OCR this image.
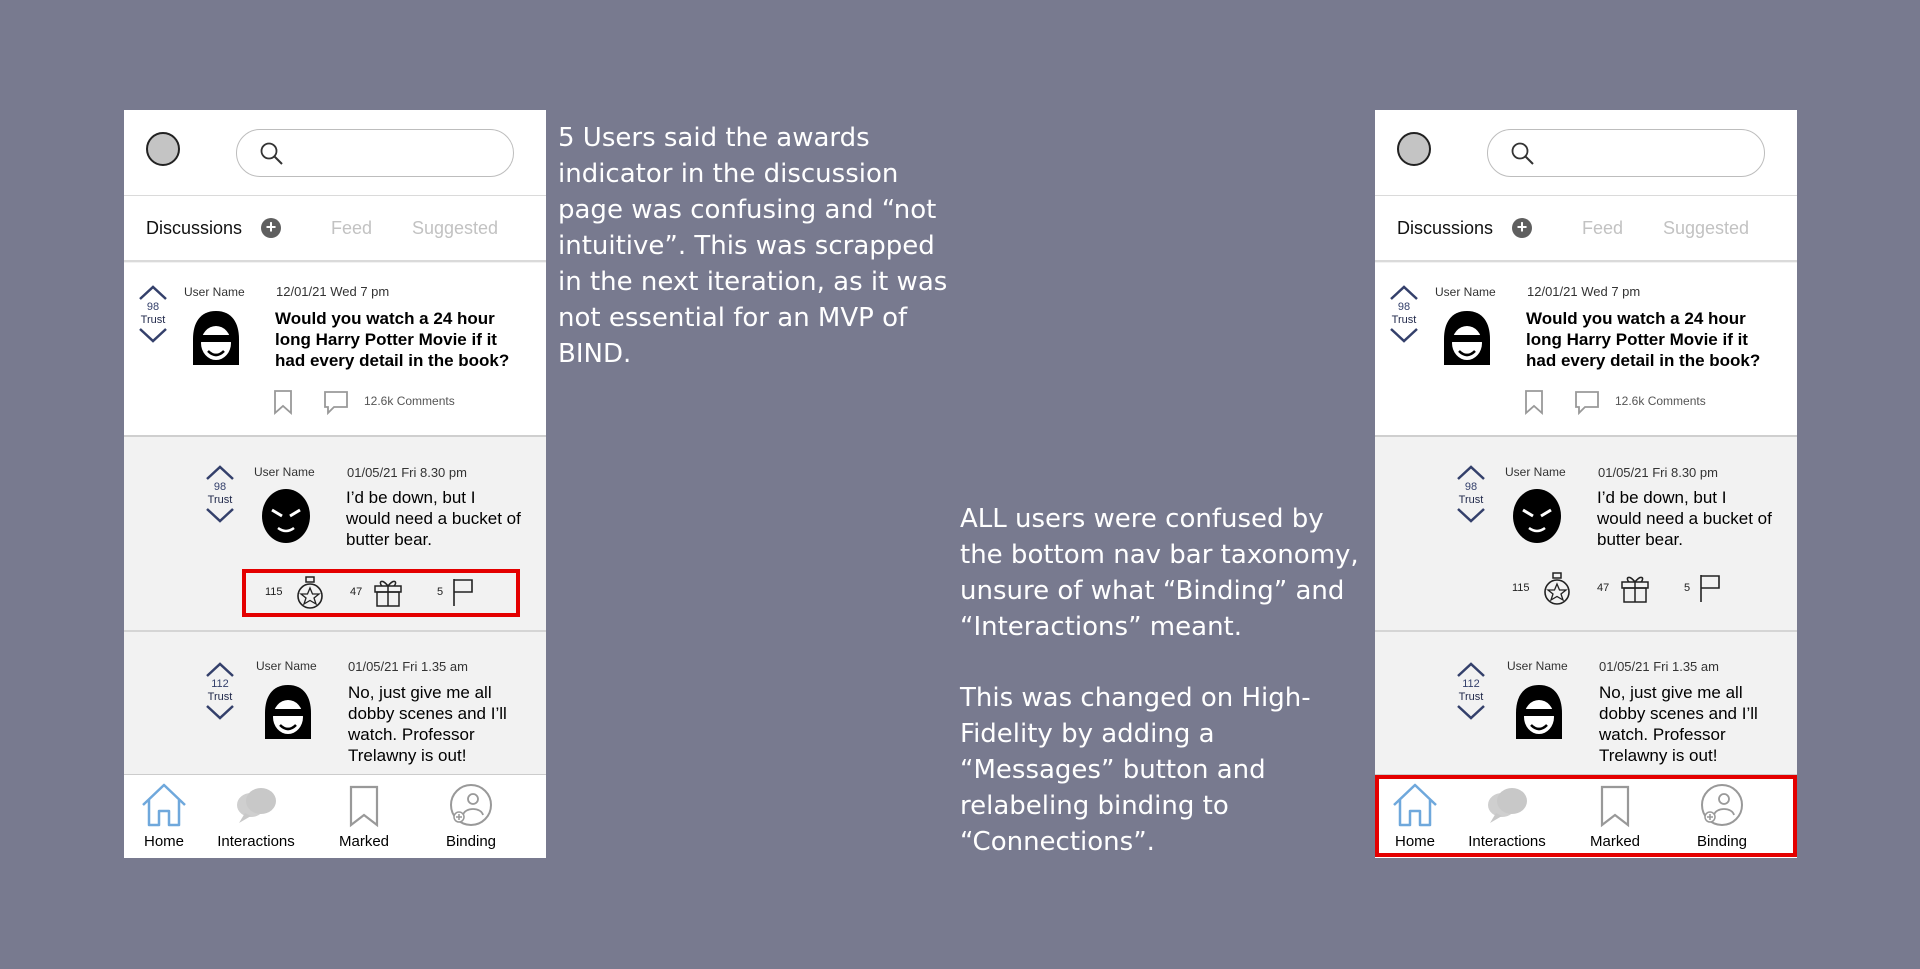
5 Users said the awards indicator in the discussion page was confusing and “not intuitive”. This was scrapped in the next iteration, as it was not essential for an MVP of BIND.

ALL users were confused by the bottom nav bar taxonomy, unsure of what “Binding” and “Interactions” meant.

This was changed on High-Fidelity by adding a “Messages” button and relabeling binding to “Connections”.

Discussions +	Feed Suggested
98
Trust
User Name 12/01/21 Wed 7 pm

Would you watch a 24 hour long Harry Potter Movie if it had every detail in the book?

12.6k Comments
98
Trust
User Name 01/05/21 Fri 8.30 pm

I’d be down, but I would need a bucket of butter bear.

115	47	5
112
Trust
User Name 01/05/21 Fri 1.35 am

No, just give me all dobby scenes and I’ll watch. Professor Trelawny is out!

Home	Interactions	Marked	Binding
Discussions +	Feed Suggested
98
Trust
User Name 12/01/21 Wed 7 pm

Would you watch a 24 hour long Harry Potter Movie if it had every detail in the book?

12.6k Comments
98
Trust
User Name 01/05/21 Fri 8.30 pm

I’d be down, but I would need a bucket of butter bear.

115	47	5
112
Trust
User Name 01/05/21 Fri 1.35 am

No, just give me all dobby scenes and I’ll watch. Professor Trelawny is out!

Home	Interactions	Marked	Binding
